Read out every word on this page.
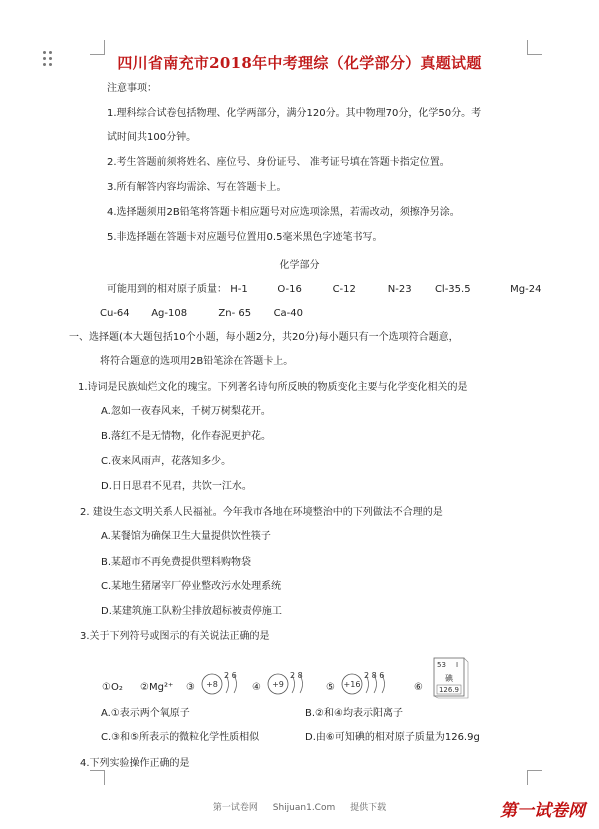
四川省南充市2018年中考理综（化学部分）真题试题
注意事项：
1.理科综合试卷包括物理、化学两部分，满分120分。其中物理70分，化学50分。考
试时间共100分钟。
2.考生答题前须将姓名、座位号、身份证号、 准考证号填在答题卡指定位置。
3.所有解答内容均需涂、写在答题卡上。
4.选择题须用2B铅笔将答题卡相应题号对应选项涂黑，若需改动，须擦净另涂。
5.非选择题在答题卡对应题号位置用0.5毫米黑色字迹笔书写。
化学部分
可能用到的相对原子质量： H-1	O-16	C-12	N-23 Cl-35.5	Mg-24
Cu-64 Ag-108	Zn- 65 Ca-40
一、选择题(本大题包括10个小题，每小题2分，共20分)每小题只有一个选项符合题意，
将符合题意的选项用2B铅笔涂在答题卡上。
1.诗词是民族灿烂文化的瑰宝。下列著名诗句所反映的物质变化主要与化学变化相关的是
A.忽如一夜春风来，千树万树梨花开。
B.落红不是无情物，化作春泥更护花。
C.夜来风雨声，花落知多少。
D.日日思君不见君，共饮一江水。
2. 建设生态文明关系人民福祉。今年我市各地在环境整治中的下列做法不合理的是
A.某餐馆为确保卫生大量提供饮性筷子
B.某超市不再免费提供塑料购物袋
C.某地生猪屠宰厂停业整改污水处理系统
D.某建筑施工队粉尘排放超标被责停施工
3.关于下列符号或图示的有关说法正确的是
①O₂ ②Mg²⁺ ③ +8
2 6
④ +9
2 8
⑤ +16
2 8 6
⑥
53 I
碘
126.9
A.①表示两个氧原子	B.②和④均表示阳离子
C.③和⑤所表示的微粒化学性质相似	D.由⑥可知碘的相对原子质量为126.9g
4.下列实验操作正确的是
第一试卷网 Shijuan1.Com 提供下载	第一试卷网
